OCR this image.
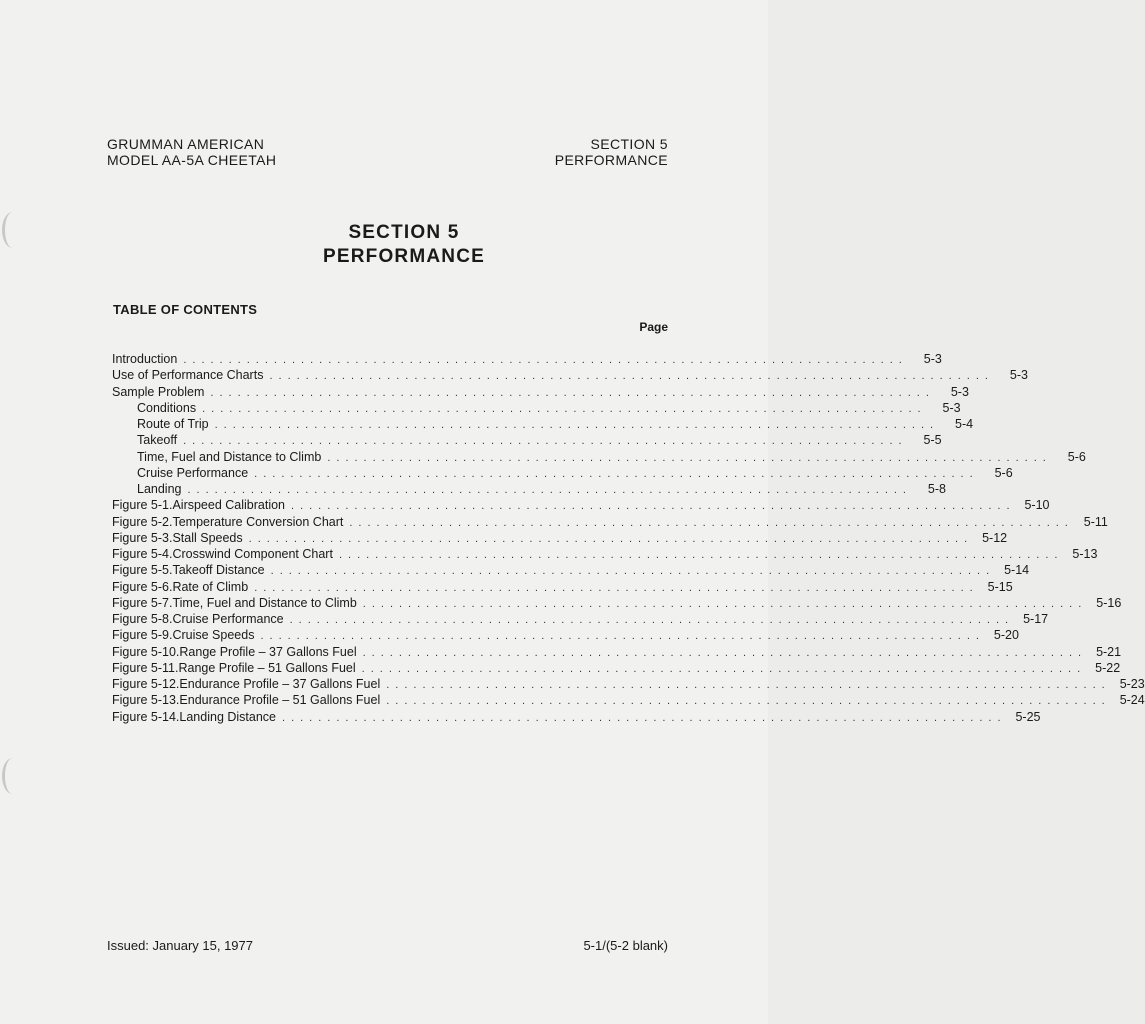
GRUMMAN AMERICAN
MODEL AA-5A CHEETAH
SECTION 5
PERFORMANCE
SECTION 5
PERFORMANCE
TABLE OF CONTENTS
Page
Introduction ................................................................................	5-3
Use of Performance Charts ................................................................................	5-3
Sample Problem ................................................................................	5-3
Conditions ................................................................................	5-3
Route of Trip ................................................................................	5-4
Takeoff ................................................................................	5-5
Time, Fuel and Distance to Climb ................................................................................	5-6
Cruise Performance ................................................................................	5-6
Landing ................................................................................	5-8
Figure 5-1. Airspeed Calibration ................................................................................ 5-10
Figure 5-2. Temperature Conversion Chart ................................................................................ 5-11
Figure 5-3. Stall Speeds ................................................................................ 5-12
Figure 5-4. Crosswind Component Chart ................................................................................ 5-13
Figure 5-5. Takeoff Distance ................................................................................ 5-14
Figure 5-6. Rate of Climb ................................................................................ 5-15
Figure 5-7. Time, Fuel and Distance to Climb ................................................................................ 5-16
Figure 5-8. Cruise Performance ................................................................................ 5-17
Figure 5-9. Cruise Speeds ................................................................................ 5-20
Figure 5-10. Range Profile – 37 Gallons Fuel ................................................................................ 5-21
Figure 5-11. Range Profile – 51 Gallons Fuel ................................................................................ 5-22
Figure 5-12. Endurance Profile – 37 Gallons Fuel ................................................................................ 5-23
Figure 5-13. Endurance Profile – 51 Gallons Fuel ................................................................................ 5-24
Figure 5-14. Landing Distance ................................................................................ 5-25
Issued: January 15, 1977	5-1/(5-2 blank)
